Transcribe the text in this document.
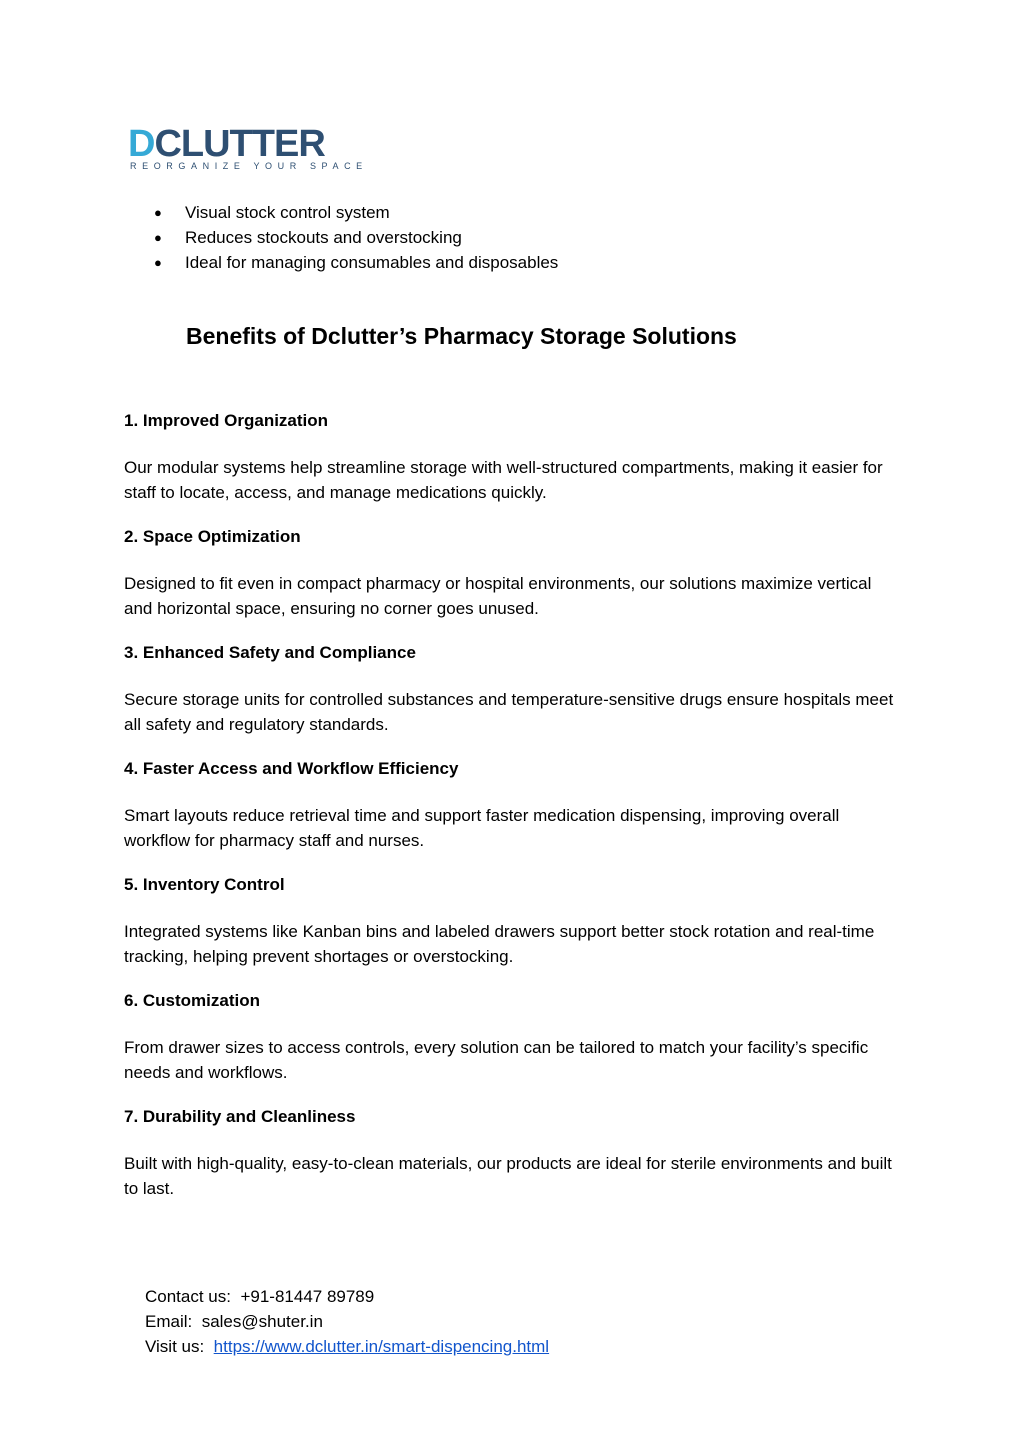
DCLUTTER
REORGANIZE YOUR SPACE
● Visual stock control system
● Reduces stockouts and overstocking
● Ideal for managing consumables and disposables
Benefits of Dclutter’s Pharmacy Storage Solutions
1. Improved Organization

Our modular systems help streamline storage with well-structured compartments, making it easier for staff to locate, access, and manage medications quickly.

2. Space Optimization

Designed to fit even in compact pharmacy or hospital environments, our solutions maximize vertical and horizontal space, ensuring no corner goes unused.

3. Enhanced Safety and Compliance

Secure storage units for controlled substances and temperature-sensitive drugs ensure hospitals meet all safety and regulatory standards.

4. Faster Access and Workflow Efficiency

Smart layouts reduce retrieval time and support faster medication dispensing, improving overall workflow for pharmacy staff and nurses.

5. Inventory Control

Integrated systems like Kanban bins and labeled drawers support better stock rotation and real-time tracking, helping prevent shortages or overstocking.

6. Customization

From drawer sizes to access controls, every solution can be tailored to match your facility’s specific needs and workflows.

7. Durability and Cleanliness

Built with high-quality, easy-to-clean materials, our products are ideal for sterile environments and built to last.

Contact us: +91-81447 89789
Email: sales@shuter.in
Visit us: https://www.dclutter.in/smart-dispencing.html
